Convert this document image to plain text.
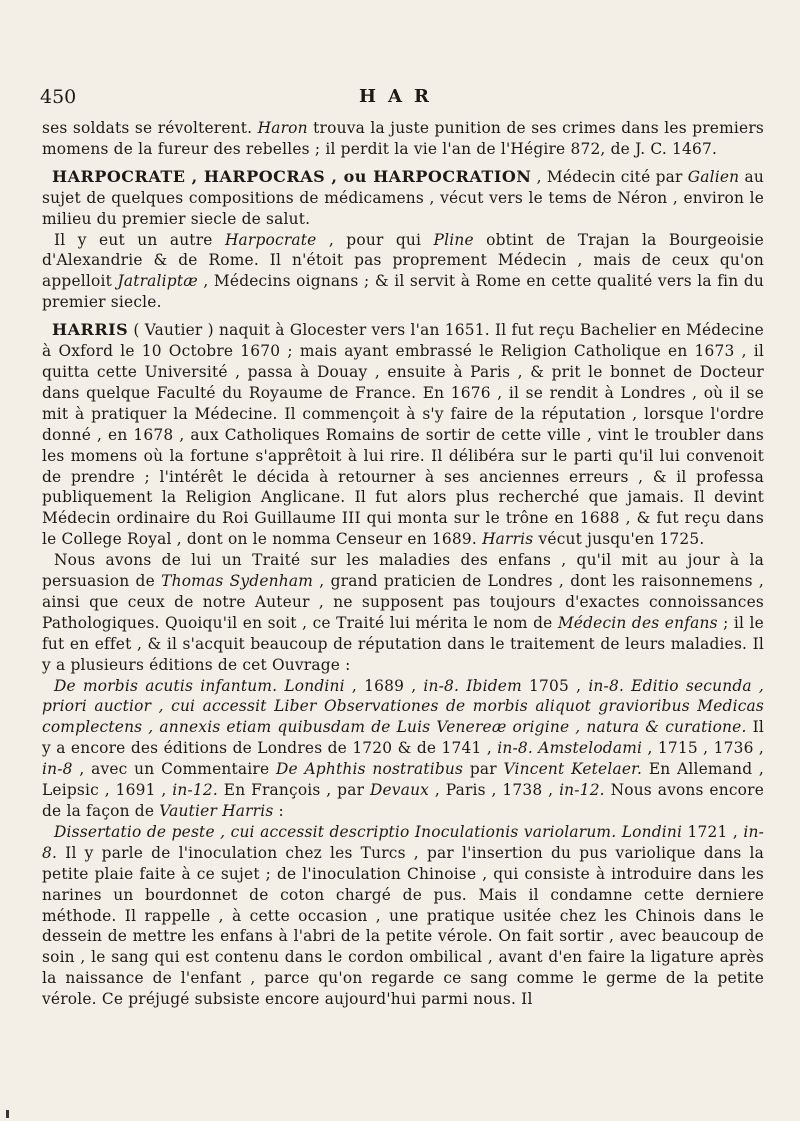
450	HAR

ses soldats se révolterent. Haron trouva la juste punition de ses crimes dans les premiers momens de la fureur des rebelles ; il perdit la vie l'an de l'Hégire 872, de J. C. 1467.

HARPOCRATE , HARPOCRAS , ou HARPOCRATION , Médecin cité par Galien au sujet de quelques compositions de médicamens , vécut vers le tems de Néron , environ le milieu du premier siecle de salut.

Il y eut un autre Harpocrate , pour qui Pline obtint de Trajan la Bourgeoisie d'Alexandrie & de Rome. Il n'étoit pas proprement Médecin , mais de ceux qu'on appelloit Jatraliptæ , Médecins oignans ; & il servit à Rome en cette qualité vers la fin du premier siecle.

HARRIS ( Vautier ) naquit à Glocester vers l'an 1651. Il fut reçu Bachelier en Médecine à Oxford le 10 Octobre 1670 ; mais ayant embrassé le Religion Catholique en 1673 , il quitta cette Université , passa à Douay , ensuite à Paris , & prit le bonnet de Docteur dans quelque Faculté du Royaume de France. En 1676 , il se rendit à Londres , où il se mit à pratiquer la Médecine. Il commençoit à s'y faire de la réputation , lorsque l'ordre donné , en 1678 , aux Catholiques Romains de sortir de cette ville , vint le troubler dans les momens où la fortune s'apprêtoit à lui rire. Il délibéra sur le parti qu'il lui convenoit de prendre ; l'intérêt le décida à retourner à ses anciennes erreurs , & il professa publiquement la Religion Anglicane. Il fut alors plus recherché que jamais. Il devint Médecin ordinaire du Roi Guillaume III qui monta sur le trône en 1688 , & fut reçu dans le College Royal , dont on le nomma Censeur en 1689. Harris vécut jusqu'en 1725.

Nous avons de lui un Traité sur les maladies des enfans , qu'il mit au jour à la persuasion de Thomas Sydenham , grand praticien de Londres , dont les raisonnemens , ainsi que ceux de notre Auteur , ne supposent pas toujours d'exactes connoissances Pathologiques. Quoiqu'il en soit , ce Traité lui mérita le nom de Médecin des enfans ; il le fut en effet , & il s'acquit beaucoup de réputation dans le traitement de leurs maladies. Il y a plusieurs éditions de cet Ouvrage :

De morbis acutis infantum. Londini , 1689 , in-8. Ibidem 1705 , in-8. Editio secunda , priori auctior , cui accessit Liber Observationes de morbis aliquot gravioribus Medicas complectens , annexis etiam quibusdam de Luis Venereæ origine , natura & curatione. Il y a encore des éditions de Londres de 1720 & de 1741 , in-8. Amstelodami , 1715 , 1736 , in-8 , avec un Commentaire De Aphthis nostratibus par Vincent Ketelaer. En Allemand , Leipsic , 1691 , in-12. En François , par Devaux , Paris , 1738 , in-12. Nous avons encore de la façon de Vautier Harris :

Dissertatio de peste , cui accessit descriptio Inoculationis variolarum. Londini 1721 , in-8. Il y parle de l'inoculation chez les Turcs , par l'insertion du pus variolique dans la petite plaie faite à ce sujet ; de l'inoculation Chinoise , qui consiste à introduire dans les narines un bourdonnet de coton chargé de pus. Mais il condamne cette derniere méthode. Il rappelle , à cette occasion , une pratique usitée chez les Chinois dans le dessein de mettre les enfans à l'abri de la petite vérole. On fait sortir , avec beaucoup de soin , le sang qui est contenu dans le cordon ombilical , avant d'en faire la ligature après la naissance de l'enfant , parce qu'on regarde ce sang comme le germe de la petite vérole. Ce préjugé subsiste encore aujourd'hui parmi nous. Il
